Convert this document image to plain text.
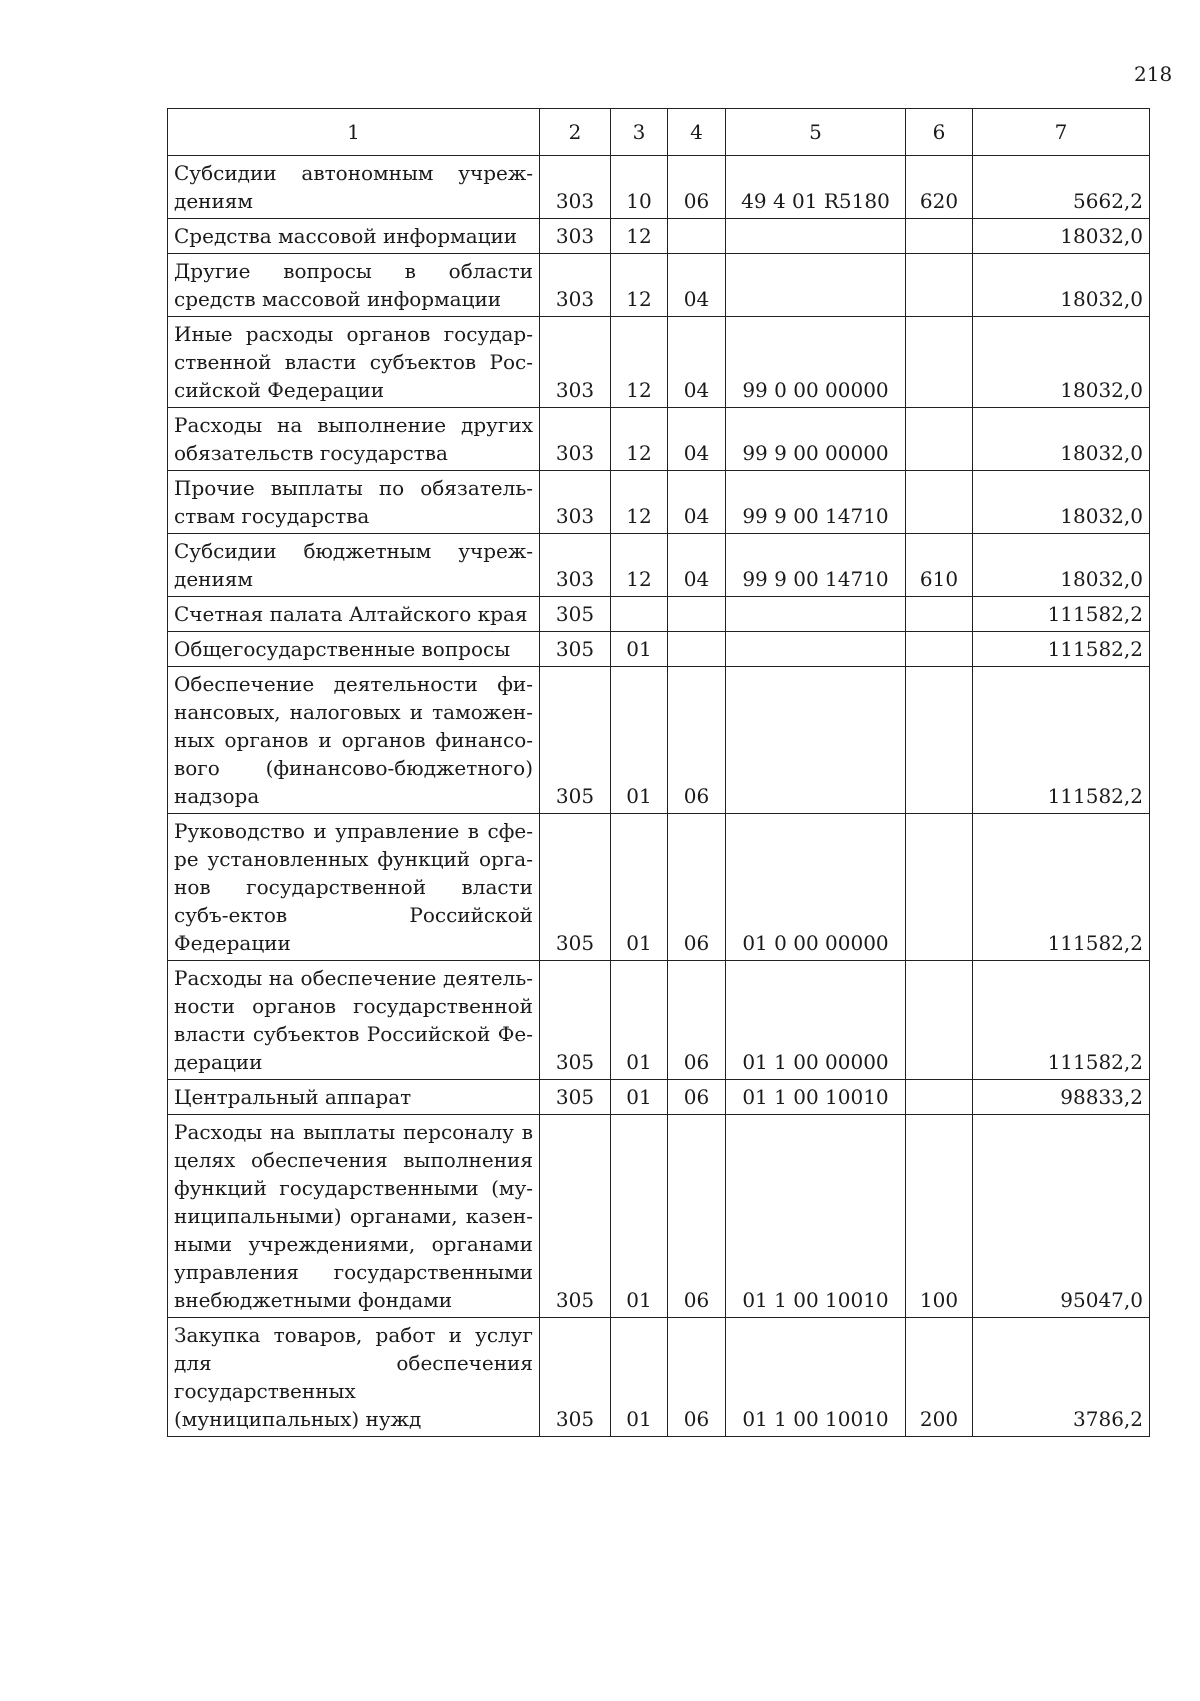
218
1	2	3	4	5	6	7
Субсидии автономным учреж-дениям	303	10	06	49 4 01 R5180	620	5662,2
Средства массовой информации	303	12				18032,0
Другие вопросы в области средств массовой информации	303	12	04			18032,0
Иные расходы органов государ-ственной власти субъектов Рос-сийской Федерации	303	12	04	99 0 00 00000		18032,0
Расходы на выполнение других обязательств государства	303	12	04	99 9 00 00000		18032,0
Прочие выплаты по обязатель-ствам государства	303	12	04	99 9 00 14710		18032,0
Субсидии бюджетным учреж-дениям	303	12	04	99 9 00 14710	610	18032,0
Счетная палата Алтайского края	305					111582,2
Общегосударственные вопросы	305	01				111582,2
Обеспечение деятельности фи-нансовых, налоговых и таможен-ных органов и органов финансо-вого (финансово-бюджетного) надзора	305	01	06			111582,2
Руководство и управление в сфе-ре установленных функций орга-нов государственной власти субъ-ектов Российской Федерации	305	01	06	01 0 00 00000		111582,2
Расходы на обеспечение деятель-ности органов государственной власти субъектов Российской Фе-дерации	305	01	06	01 1 00 00000		111582,2
Центральный аппарат	305	01	06	01 1 00 10010		98833,2
Расходы на выплаты персоналу в целях обеспечения выполнения функций государственными (му-ниципальными) органами, казен-ными учреждениями, органами управления государственными внебюджетными фондами	305	01	06	01 1 00 10010	100	95047,0
Закупка товаров, работ и услуг для обеспечения государственных (муниципальных) нужд	305	01	06	01 1 00 10010	200	3786,2
